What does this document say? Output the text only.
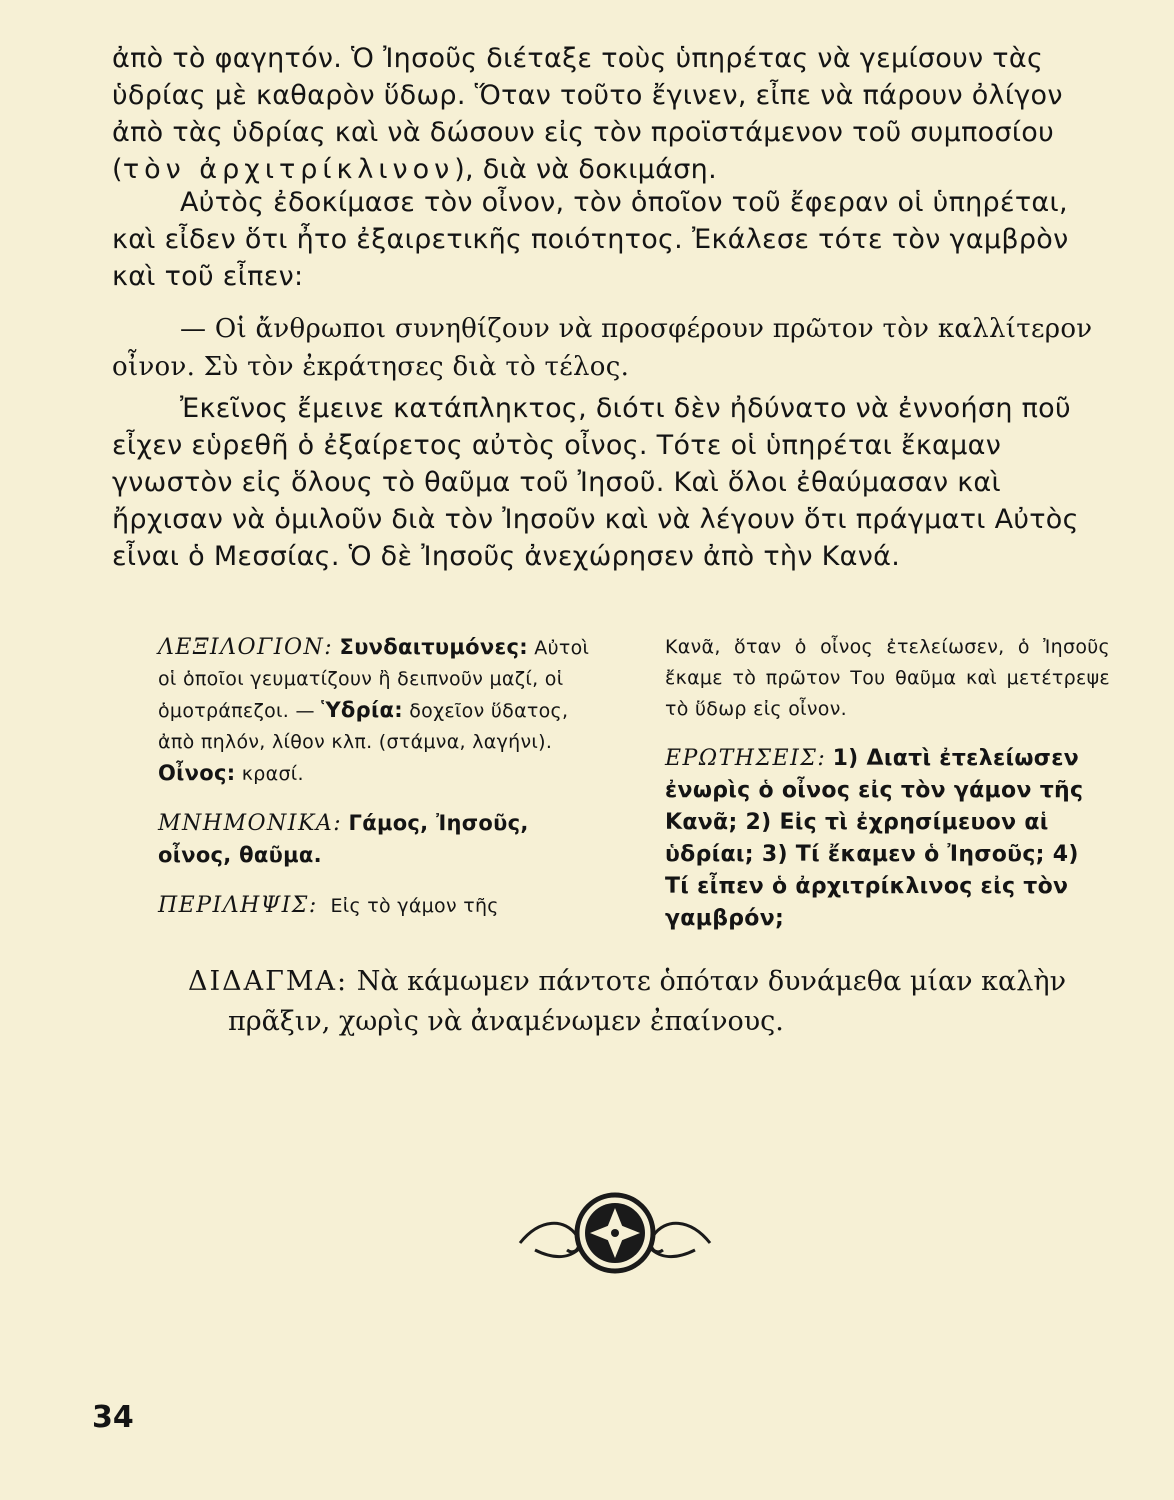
ἀπὸ τὸ φαγητόν. Ὁ Ἰησοῦς διέταξε τοὺς ὑπηρέτας νὰ γεμίσουν τὰς ὑδρίας μὲ καθαρὸν ὕδωρ. Ὅταν τοῦτο ἔγινεν, εἶπε νὰ πάρουν ὀλίγον ἀπὸ τὰς ὑδρίας καὶ νὰ δώσουν εἰς τὸν προϊστάμενον τοῦ συμποσίου (τὸν ἀρχιτρίκλινον), διὰ νὰ δοκιμάση.

Αὐτὸς ἐδοκίμασε τὸν οἶνον, τὸν ὁποῖον τοῦ ἔφεραν οἱ ὑπηρέται, καὶ εἶδεν ὅτι ἦτο ἐξαιρετικῆς ποιότητος. Ἐκάλεσε τότε τὸν γαμβρὸν καὶ τοῦ εἶπεν:

— Οἱ ἄνθρωποι συνηθίζουν νὰ προσφέρουν πρῶτον τὸν καλλίτερον οἶνον. Σὺ τὸν ἐκράτησες διὰ τὸ τέλος.

Ἐκεῖνος ἔμεινε κατάπληκτος, διότι δὲν ἠδύνατο νὰ ἐννοήση ποῦ εἶχεν εὑρεθῆ ὁ ἐξαίρετος αὐτὸς οἶνος. Τότε οἱ ὑπηρέται ἔκαμαν γνωστὸν εἰς ὅλους τὸ θαῦμα τοῦ Ἰησοῦ. Καὶ ὅλοι ἐθαύμασαν καὶ ἤρχισαν νὰ ὁμιλοῦν διὰ τὸν Ἰησοῦν καὶ νὰ λέγουν ὅτι πράγματι Αὐτὸς εἶναι ὁ Μεσσίας. Ὁ δὲ Ἰησοῦς ἀνεχώρησεν ἀπὸ τὴν Κανά.

ΛΕΞΙΛΟΓΙΟΝ: Συνδαιτυμόνες: Αὐτοὶ οἱ ὁποῖοι γευματίζουν ἢ δειπνοῦν μαζί, οἱ ὁμοτράπεζοι. — Ὑδρία: δοχεῖον ὕδατος, ἀπὸ πηλόν, λίθον κλπ. (στάμνα, λαγήνι). Οἶνος: κρασί.
ΜΝΗΜΟΝΙΚΑ: Γάμος, Ἰησοῦς, οἶνος, θαῦμα.
ΠΕΡΙΛΗΨΙΣ: Εἰς τὸ γάμον τῆς
Κανᾶ, ὅταν ὁ οἶνος ἐτελείωσεν, ὁ Ἰησοῦς ἔκαμε τὸ πρῶτον Του θαῦμα καὶ μετέτρεψε τὸ ὕδωρ εἰς οἶνον.
ΕΡΩΤΗΣΕΙΣ: 1) Διατὶ ἐτελείωσεν ἐνωρὶς ὁ οἶνος εἰς τὸν γάμον τῆς Κανᾶ; 2) Εἰς τὶ ἐχρησίμευον αἱ ὑδρίαι; 3) Τί ἔκαμεν ὁ Ἰησοῦς; 4) Τί εἶπεν ὁ ἀρχιτρίκλινος εἰς τὸν γαμβρόν;
ΔΙΔΑΓΜΑ: Νὰ κάμωμεν πάντοτε ὁπόταν δυνάμεθα μίαν καλὴν
πρᾶξιν, χωρὶς νὰ ἀναμένωμεν ἐπαίνους.
34
